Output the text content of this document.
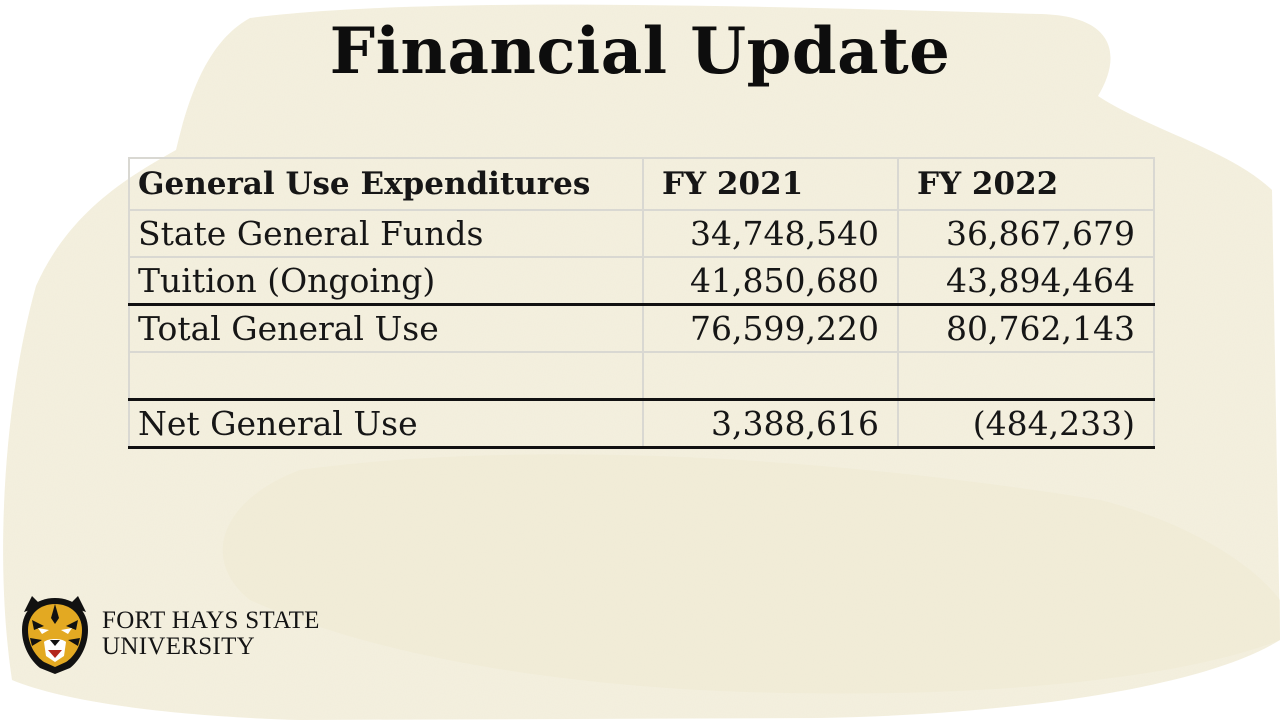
Financial Update
General Use Expenditures	FY 2021	FY 2022
State General Funds	34,748,540	36,867,679
Tuition (Ongoing)	41,850,680	43,894,464
Total General Use	76,599,220	80,762,143

Net General Use	3,388,616	(484,233)
FORT HAYS STATE
UNIVERSITY
